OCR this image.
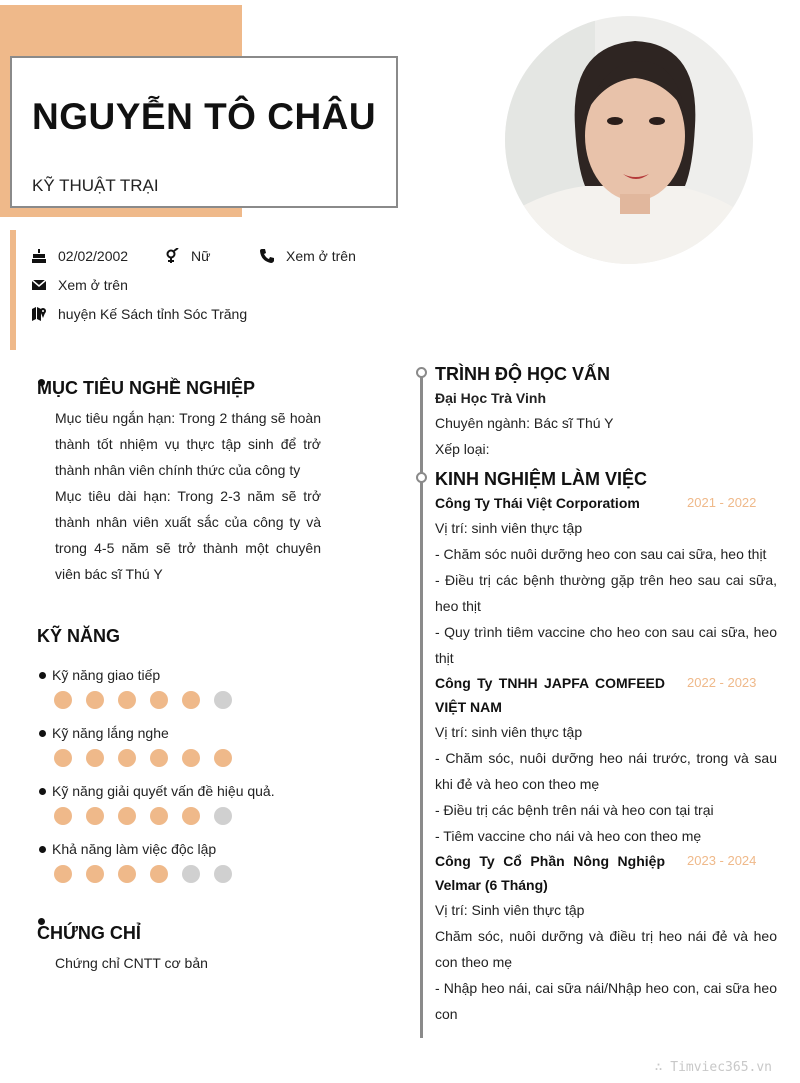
NGUYỄN TÔ CHÂU
KỸ THUẬT TRẠI
02/02/2002	Nữ	Xem ở trên
Xem ở trên
huyện Kế Sách tỉnh Sóc Trăng
MỤC TIÊU NGHỀ NGHIỆP
Mục tiêu ngắn hạn: Trong 2 tháng sẽ hoàn thành tốt nhiệm vụ thực tập sinh để trở thành nhân viên chính thức của công ty
Mục tiêu dài hạn: Trong 2-3 năm sẽ trở thành nhân viên xuất sắc của công ty và trong 4-5 năm sẽ trở thành một chuyên viên bác sĩ Thú Y
KỸ NĂNG
Kỹ năng giao tiếp
Kỹ năng lắng nghe
Kỹ năng giải quyết vấn đề hiệu quả.
Khả năng làm việc độc lập
CHỨNG CHỈ
Chứng chỉ CNTT cơ bản
TRÌNH ĐỘ HỌC VẤN
Đại Học Trà Vinh
Chuyên ngành: Bác sĩ Thú Y
Xếp loại:
KINH NGHIỆM LÀM VIỆC
Công Ty Thái Việt Corporatiom	2021 - 2022
Vị trí: sinh viên thực tập
- Chăm sóc nuôi dưỡng heo con sau cai sữa, heo thịt
- Điều trị các bệnh thường gặp trên heo sau cai sữa, heo thịt
- Quy trình tiêm vaccine cho heo con sau cai sữa, heo thịt
Công Ty TNHH JAPFA COMFEED VIỆT NAM
2022 - 2023
Vị trí: sinh viên thực tập
- Chăm sóc, nuôi dưỡng heo nái trước, trong và sau khi đẻ và heo con theo mẹ
- Điều trị các bệnh trên nái và heo con tại trại
- Tiêm vaccine cho nái và heo con theo mẹ
Công Ty Cổ Phần Nông Nghiệp Velmar (6 Tháng)
2023 - 2024
Vị trí: Sinh viên thực tập
Chăm sóc, nuôi dưỡng và điều trị heo nái đẻ và heo con theo mẹ
- Nhập heo nái, cai sữa nái/Nhập heo con, cai sữa heo con
∴ Timviec365.vn
